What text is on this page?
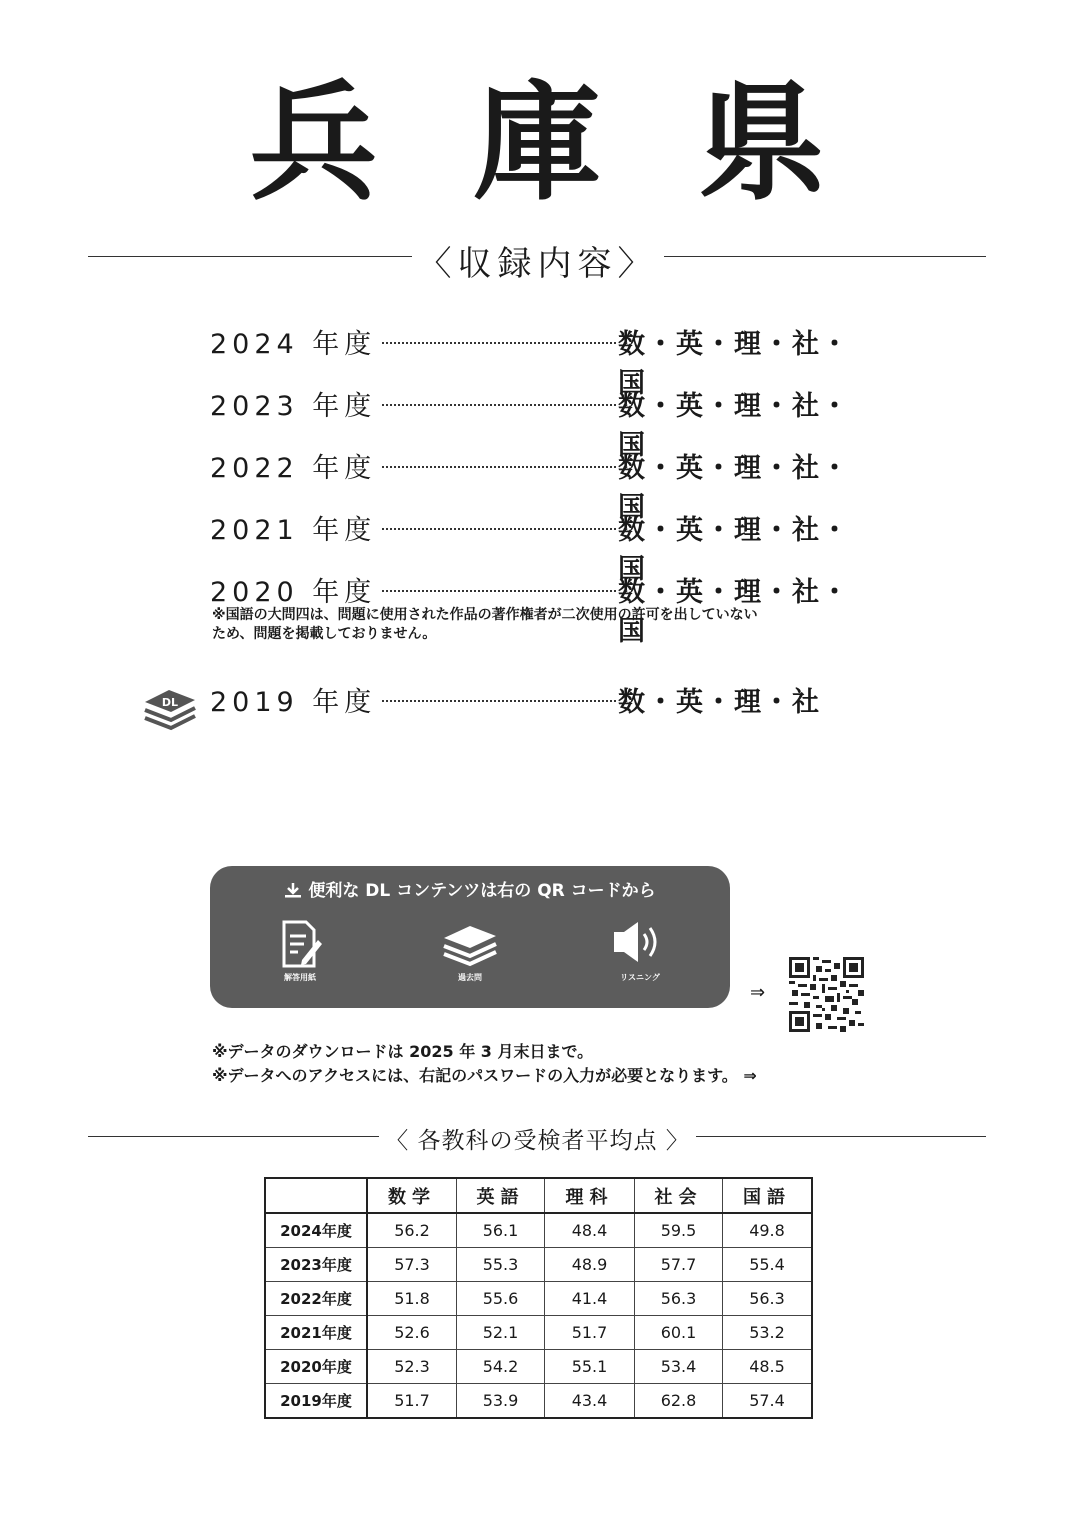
兵庫県
〈収録内容〉
2024 年度	数・英・理・社・国
2023 年度	数・英・理・社・国
2022 年度	数・英・理・社・国
2021 年度	数・英・理・社・国
2020 年度	数・英・理・社・国
※国語の大問四は、問題に使用された作品の著作権者が二次使用の許可を出していない
ため、問題を掲載しておりません。
DL 2019 年度	数・英・理・社
便利な DL コンテンツは右の QR コードから
解答用紙	過去問	リスニング
⇒
※データのダウンロードは 2025 年 3 月末日まで。
※データへのアクセスには、右記のパスワードの入力が必要となります。 ⇒
〈 各教科の受検者平均点 〉
	数学	英語	理科	社会	国語
2024年度	56.2	56.1	48.4	59.5	49.8
2023年度	57.3	55.3	48.9	57.7	55.4
2022年度	51.8	55.6	41.4	56.3	56.3
2021年度	52.6	52.1	51.7	60.1	53.2
2020年度	52.3	54.2	55.1	53.4	48.5
2019年度	51.7	53.9	43.4	62.8	57.4
